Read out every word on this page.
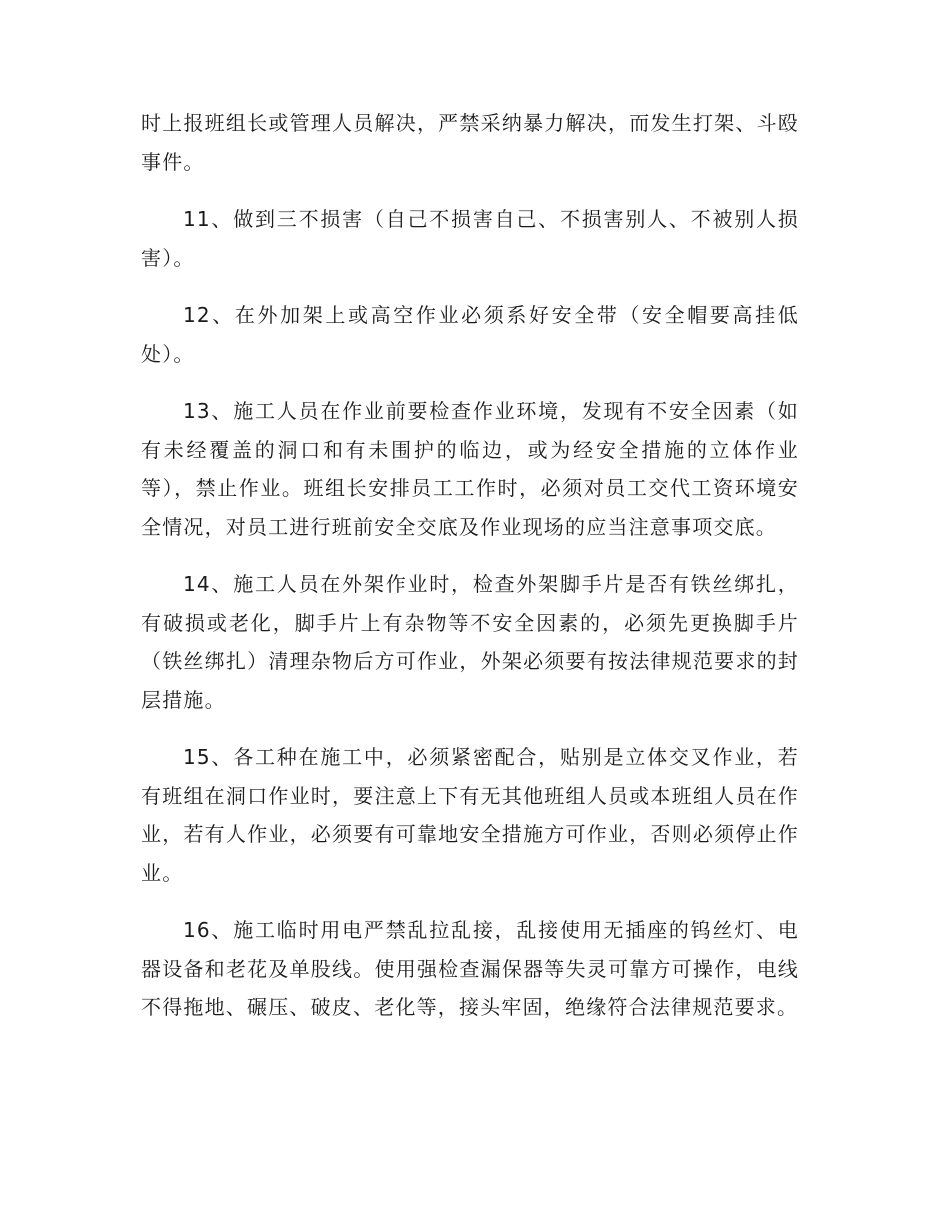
时上报班组长或管理人员解决，严禁采纳暴力解决，而发生打架、斗殴事件。

11、做到三不损害（自己不损害自己、不损害别人、不被别人损害）。

12、在外加架上或高空作业必须系好安全带（安全帽要高挂低处）。

13、施工人员在作业前要检查作业环境，发现有不安全因素（如有未经覆盖的洞口和有未围护的临边，或为经安全措施的立体作业等），禁止作业。班组长安排员工工作时，必须对员工交代工资环境安全情况，对员工进行班前安全交底及作业现场的应当注意事项交底。

14、施工人员在外架作业时，检查外架脚手片是否有铁丝绑扎，有破损或老化，脚手片上有杂物等不安全因素的，必须先更换脚手片（铁丝绑扎）清理杂物后方可作业，外架必须要有按法律规范要求的封层措施。

15、各工种在施工中，必须紧密配合，贴别是立体交叉作业，若有班组在洞口作业时，要注意上下有无其他班组人员或本班组人员在作业，若有人作业，必须要有可靠地安全措施方可作业，否则必须停止作业。

16、施工临时用电严禁乱拉乱接，乱接使用无插座的钨丝灯、电器设备和老花及单股线。使用强检查漏保器等失灵可靠方可操作，电线不得拖地、碾压、破皮、老化等，接头牢固，绝缘符合法律规范要求。
